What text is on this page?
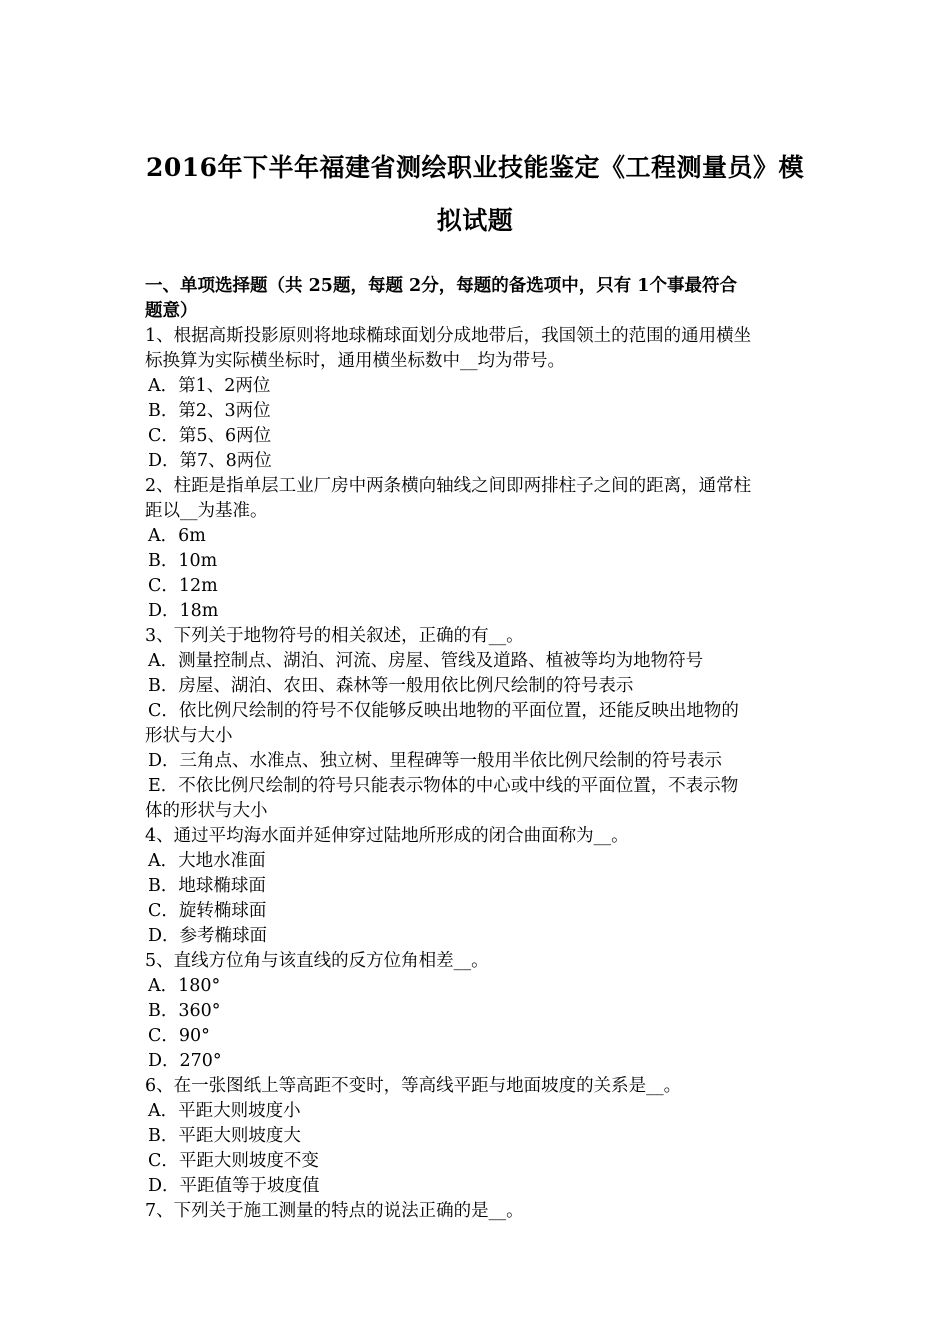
2016年下半年福建省测绘职业技能鉴定《工程测量员》模
拟试题
一、单项选择题（共 25题，每题 2分，每题的备选项中，只有 1个事最符合
题意）
1、根据高斯投影原则将地球椭球面划分成地带后，我国领土的范围的通用横坐
标换算为实际横坐标时，通用横坐标数中__均为带号。
A．第1、2两位
B．第2、3两位
C．第5、6两位
D．第7、8两位
2、柱距是指单层工业厂房中两条横向轴线之间即两排柱子之间的距离，通常柱
距以__为基准。
A．6m
B．10m
C．12m
D．18m
3、下列关于地物符号的相关叙述，正确的有__。
A．测量控制点、湖泊、河流、房屋、管线及道路、植被等均为地物符号
B．房屋、湖泊、农田、森林等一般用依比例尺绘制的符号表示
C．依比例尺绘制的符号不仅能够反映出地物的平面位置，还能反映出地物的
形状与大小
D．三角点、水准点、独立树、里程碑等一般用半依比例尺绘制的符号表示
E．不依比例尺绘制的符号只能表示物体的中心或中线的平面位置，不表示物
体的形状与大小
4、通过平均海水面并延伸穿过陆地所形成的闭合曲面称为__。
A．大地水准面
B．地球椭球面
C．旋转椭球面
D．参考椭球面
5、直线方位角与该直线的反方位角相差__。
A．180°
B．360°
C．90°
D．270°
6、在一张图纸上等高距不变时，等高线平距与地面坡度的关系是__。
A．平距大则坡度小
B．平距大则坡度大
C．平距大则坡度不变
D．平距值等于坡度值
7、下列关于施工测量的特点的说法正确的是__。
